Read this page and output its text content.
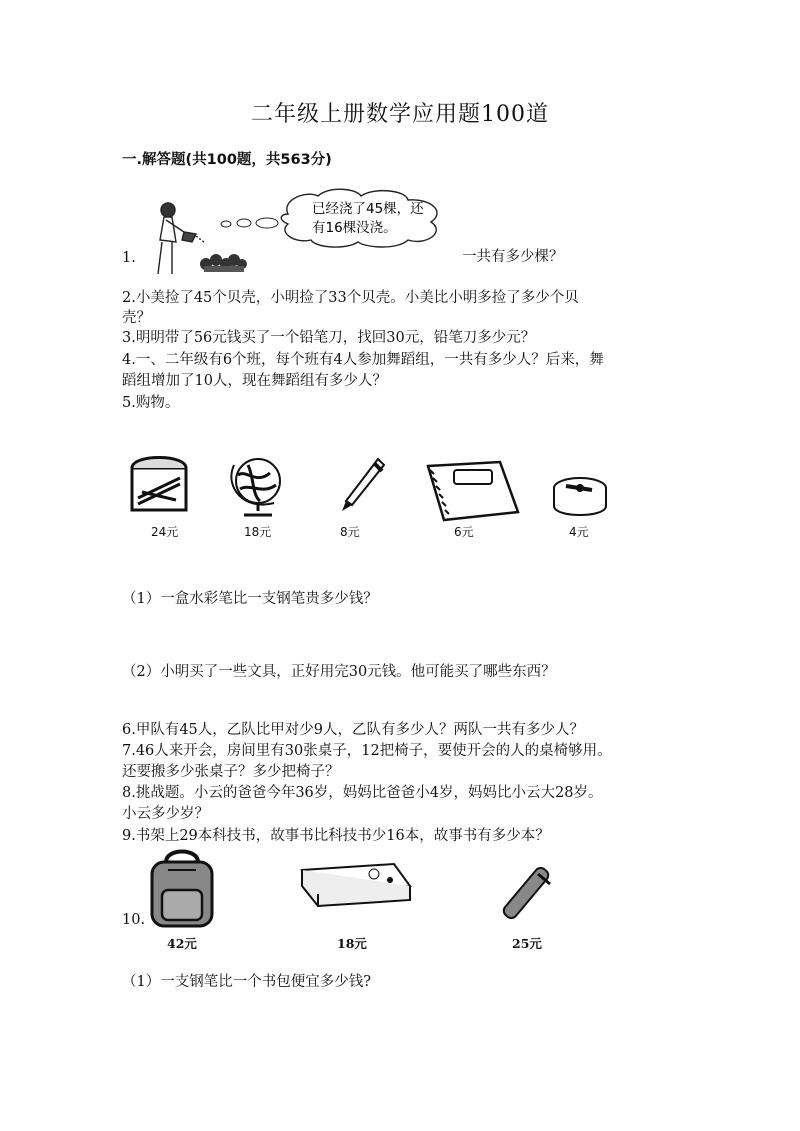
二年级上册数学应用题100道
一.解答题(共100题，共563分)
1.
已经浇了45棵，还
有16棵没浇。
一共有多少棵？
2.小美捡了45个贝壳，小明捡了33个贝壳。小美比小明多捡了多少个贝
壳？
3.明明带了56元钱买了一个铅笔刀，找回30元，铅笔刀多少元？
4.一、二年级有6个班，每个班有4人参加舞蹈组，一共有多少人？后来，舞
蹈组增加了10人，现在舞蹈组有多少人？
5.购物。
24元	18元	8元	6元	4元
（1）一盒水彩笔比一支钢笔贵多少钱？
（2）小明买了一些文具，正好用完30元钱。他可能买了哪些东西？
6.甲队有45人，乙队比甲对少9人，乙队有多少人？两队一共有多少人？
7.46人来开会，房间里有30张桌子，12把椅子，要使开会的人的桌椅够用。
还要搬多少张桌子？多少把椅子？
8.挑战题。小云的爸爸今年36岁，妈妈比爸爸小4岁，妈妈比小云大28岁。
小云多少岁？
9.书架上29本科技书，故事书比科技书少16本，故事书有多少本？
10.
42元	18元	25元
（1）一支钢笔比一个书包便宜多少钱?
